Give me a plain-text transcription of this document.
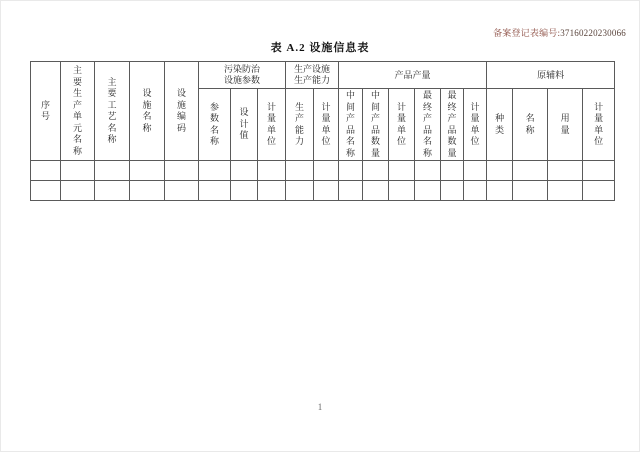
备案登记表编号:37160220230066
表 A.2 设施信息表
序号	主要生产单元名称	主要工艺名称	设施名称	设施编码	污染防治设施参数			生产设施生产能力		产品产量						原辅料			
					参数名称	设计值	计量单位	生产能力	计量单位	中间产品名称	中间产品数量	计量单位	最终产品名称	最终产品数量	计量单位	种类	名称	用量	计量单位

1
